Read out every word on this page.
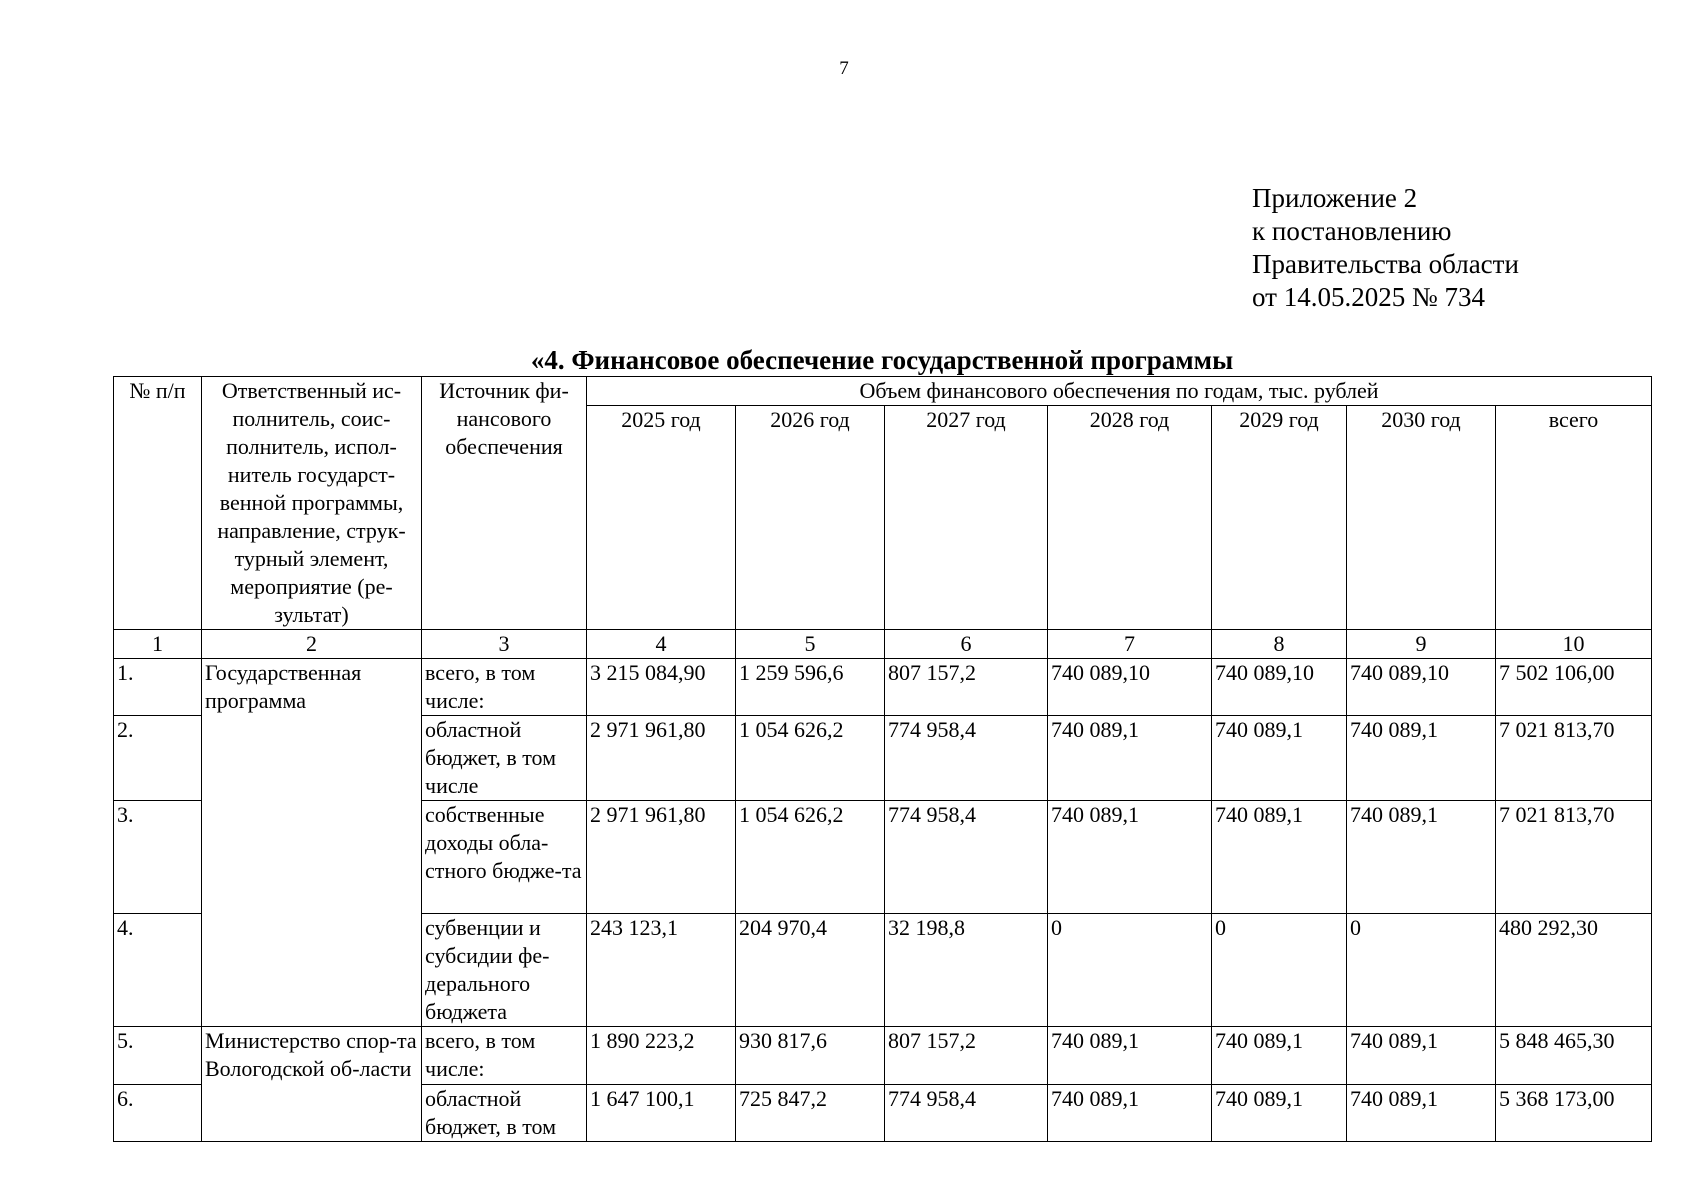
7
Приложение 2
к постановлению
Правительства области
от 14.05.2025 № 734
«4. Финансовое обеспечение государственной программы
№ п/п	Ответственный ис-полнитель, соис-полнитель, испол-нитель государст-венной программы, направление, струк-турный элемент, мероприятие (ре-зультат)	Источник фи-нансового обеспечения	Объем финансового обеспечения по годам, тыс. рублей						
			2025 год	2026 год	2027 год	2028 год	2029 год	2030 год	всего
1	2	3	4	5	6	7	8	9	10
1.	Государственная программа	всего, в том числе:	3 215 084,90	1 259 596,6	807 157,2	740 089,10	740 089,10	740 089,10	7 502 106,00
2.		областной бюджет, в том числе	2 971 961,80	1 054 626,2	774 958,4	740 089,1	740 089,1	740 089,1	7 021 813,70
3.		собственные доходы обла-стного бюдже-та	2 971 961,80	1 054 626,2	774 958,4	740 089,1	740 089,1	740 089,1	7 021 813,70
4.		субвенции и субсидии фе-дерального бюджета	243 123,1	204 970,4	32 198,8	0	0	0	480 292,30
5.	Министерство спор-та Вологодской об-ласти	всего, в том числе:	1 890 223,2	930 817,6	807 157,2	740 089,1	740 089,1	740 089,1	5 848 465,30
6.		областной бюджет, в том	1 647 100,1	725 847,2	774 958,4	740 089,1	740 089,1	740 089,1	5 368 173,00
